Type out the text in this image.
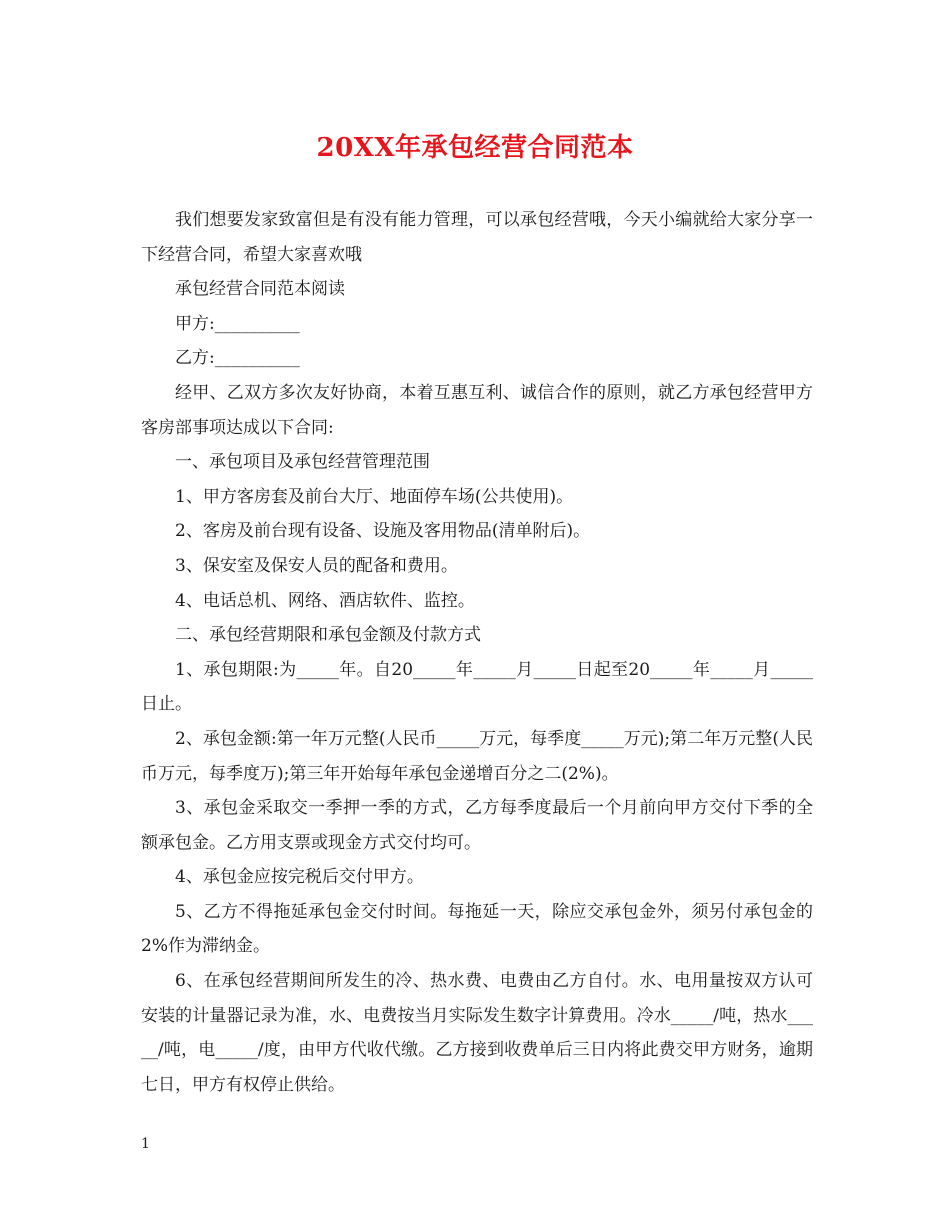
20XX年承包经营合同范本

我们想要发家致富但是有没有能力管理，可以承包经营哦，今天小编就给大家分享一下经营合同，希望大家喜欢哦

承包经营合同范本阅读

甲方:__________

乙方:__________

经甲、乙双方多次友好协商，本着互惠互利、诚信合作的原则，就乙方承包经营甲方客房部事项达成以下合同:

一、承包项目及承包经营管理范围

1、甲方客房套及前台大厅、地面停车场(公共使用)。

2、客房及前台现有设备、设施及客用物品(清单附后)。

3、保安室及保安人员的配备和费用。

4、电话总机、网络、酒店软件、监控。

二、承包经营期限和承包金额及付款方式

1、承包期限:为_____年。自20_____年_____月_____日起至20_____年_____月_____日止。

2、承包金额:第一年万元整(人民币_____万元，每季度_____万元);第二年万元整(人民币万元，每季度万);第三年开始每年承包金递增百分之二(2%)。

3、承包金采取交一季押一季的方式，乙方每季度最后一个月前向甲方交付下季的全额承包金。乙方用支票或现金方式交付均可。

4、承包金应按完税后交付甲方。

5、乙方不得拖延承包金交付时间。每拖延一天，除应交承包金外，须另付承包金的2%作为滞纳金。

6、在承包经营期间所发生的冷、热水费、电费由乙方自付。水、电用量按双方认可安装的计量器记录为准，水、电费按当月实际发生数字计算费用。冷水_____/吨，热水_____/吨，电_____/度，由甲方代收代缴。乙方接到收费单后三日内将此费交甲方财务，逾期七日，甲方有权停止供给。

1
